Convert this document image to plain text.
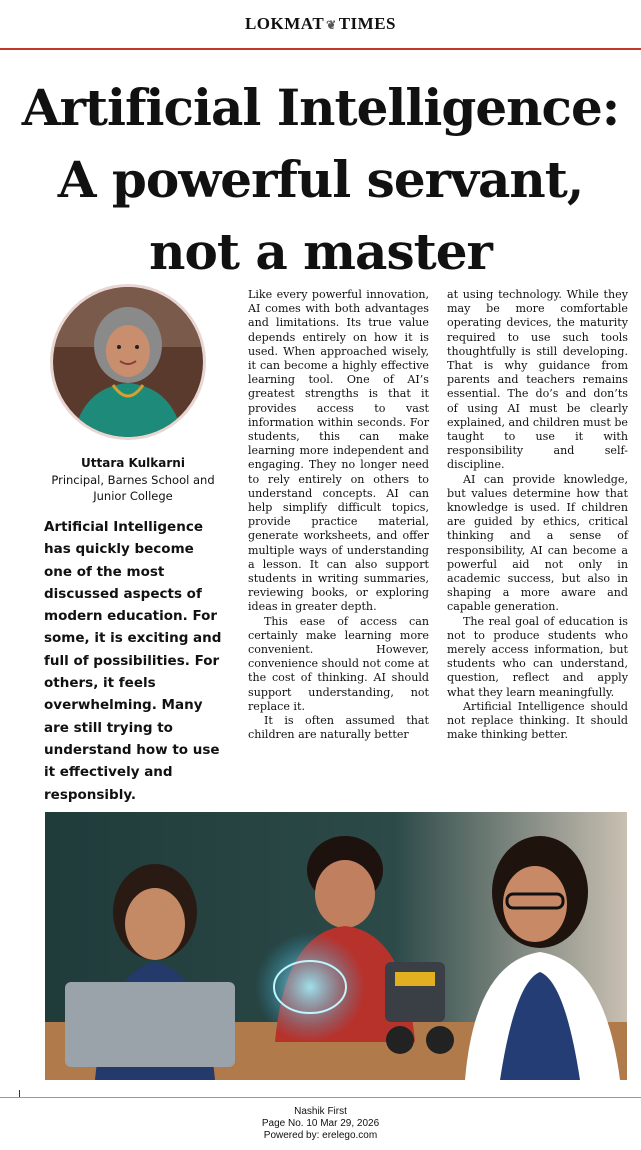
LOKMAT ❦ TIMES
Artificial Intelligence:
A powerful servant,
not a master
Uttara Kulkarni
Principal, Barnes School and Junior College
Artificial Intelligence has quickly become one of the most discussed aspects of modern education. For some, it is exciting and full of possibilities. For others, it feels overwhelming. Many are still trying to understand how to use it effectively and responsibly.

Like every powerful innovation, AI comes with both advantages and limitations. Its true value depends entirely on how it is used. When approached wisely, it can become a highly effective learning tool. One of AI’s greatest strengths is that it provides access to vast information within seconds. For students, this can make learning more independent and engaging. They no longer need to rely entirely on others to understand concepts. AI can help simplify difficult topics, provide practice material, generate worksheets, and offer multiple ways of understanding a lesson. It can also support students in writing summaries, reviewing books, or exploring ideas in greater depth.

This ease of access can certainly make learning more convenient. However, convenience should not come at the cost of thinking. AI should support understanding, not replace it.

It is often assumed that children are naturally better

at using technology. While they may be more comfortable operating devices, the maturity required to use such tools thoughtfully is still developing. That is why guidance from parents and teachers remains essential. The do’s and don’ts of using AI must be clearly explained, and children must be taught to use it with responsibility and self-discipline.

AI can provide knowledge, but values determine how that knowledge is used. If children are guided by ethics, critical thinking and a sense of responsibility, AI can become a powerful aid not only in academic success, but also in shaping a more aware and capable generation.

The real goal of education is not to produce students who merely access information, but students who can understand, question, reflect and apply what they learn meaningfully.

Artificial Intelligence should not replace thinking. It should make thinking better.

AI image
Nashik First
Page No. 10 Mar 29, 2026
Powered by: erelego.com
